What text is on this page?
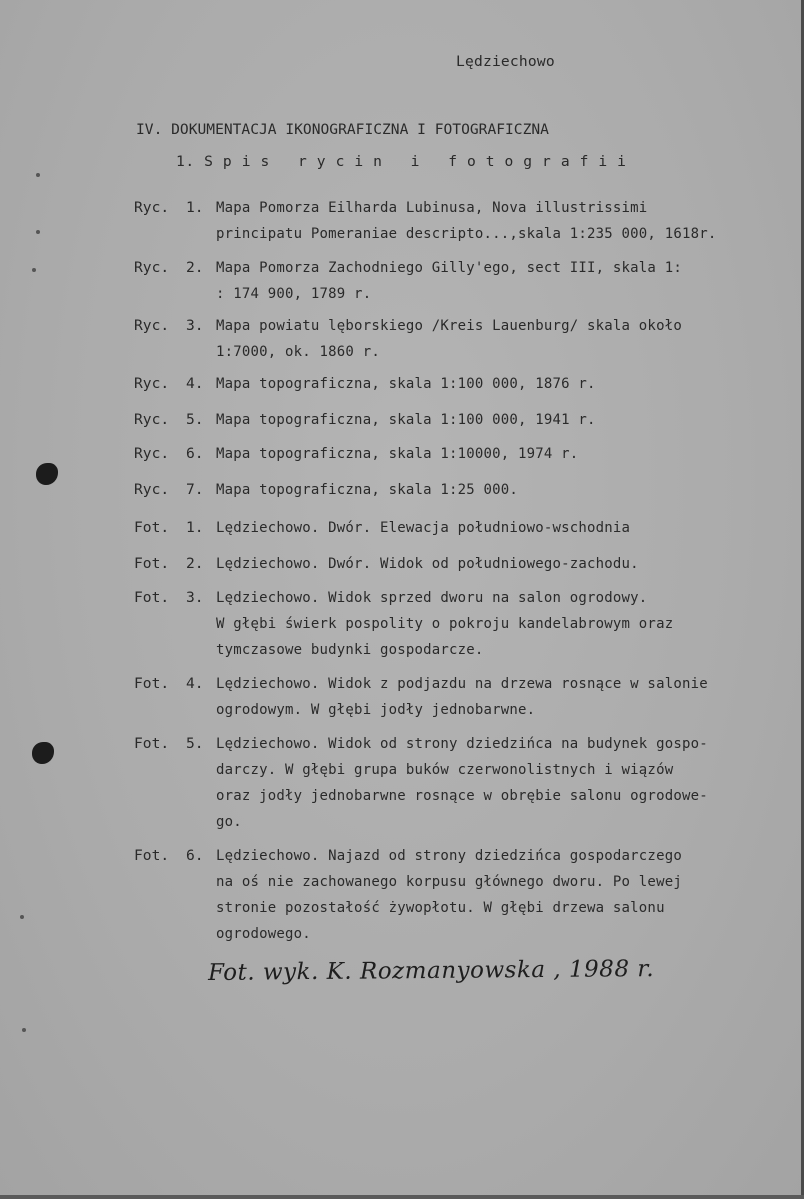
Lędziechowo
IV. DOKUMENTACJA IKONOGRAFICZNA I FOTOGRAFICZNA
1. S p i s   r y c i n   i   f o t o g r a f i i
Ryc. 1. Mapa Pomorza Eilharda Lubinusa, Nova illustrissimi
principatu Pomeraniae descripto...,skala 1:235 000, 1618r.
Ryc. 2. Mapa Pomorza Zachodniego Gilly'ego, sect III, skala 1:
: 174 900, 1789 r.
Ryc. 3. Mapa powiatu lęborskiego /Kreis Lauenburg/ skala około
1:7000, ok. 1860 r.
Ryc. 4. Mapa topograficzna, skala 1:100 000, 1876 r.
Ryc. 5. Mapa topograficzna, skala 1:100 000, 1941 r.
Ryc. 6. Mapa topograficzna, skala 1:10000, 1974 r.
Ryc. 7. Mapa topograficzna, skala 1:25 000.
Fot. 1. Lędziechowo. Dwór. Elewacja południowo-wschodnia
Fot. 2. Lędziechowo. Dwór. Widok od południowego-zachodu.
Fot. 3. Lędziechowo. Widok sprzed dworu na salon ogrodowy.
W głębi świerk pospolity o pokroju kandelabrowym oraz
tymczasowe budynki gospodarcze.
Fot. 4. Lędziechowo. Widok z podjazdu na drzewa rosnące w salonie
ogrodowym. W głębi jodły jednobarwne.
Fot. 5. Lędziechowo. Widok od strony dziedzińca na budynek gospo-
darczy. W głębi grupa buków czerwonolistnych i wiązów
oraz jodły jednobarwne rosnące w obrębie salonu ogrodowe-
go.
Fot. 6. Lędziechowo. Najazd od strony dziedzińca gospodarczego
na oś nie zachowanego korpusu głównego dworu. Po lewej
stronie pozostałość żywopłotu. W głębi drzewa salonu
ogrodowego.
Fot. wyk. K. Rozmanyowska , 1988 r.
